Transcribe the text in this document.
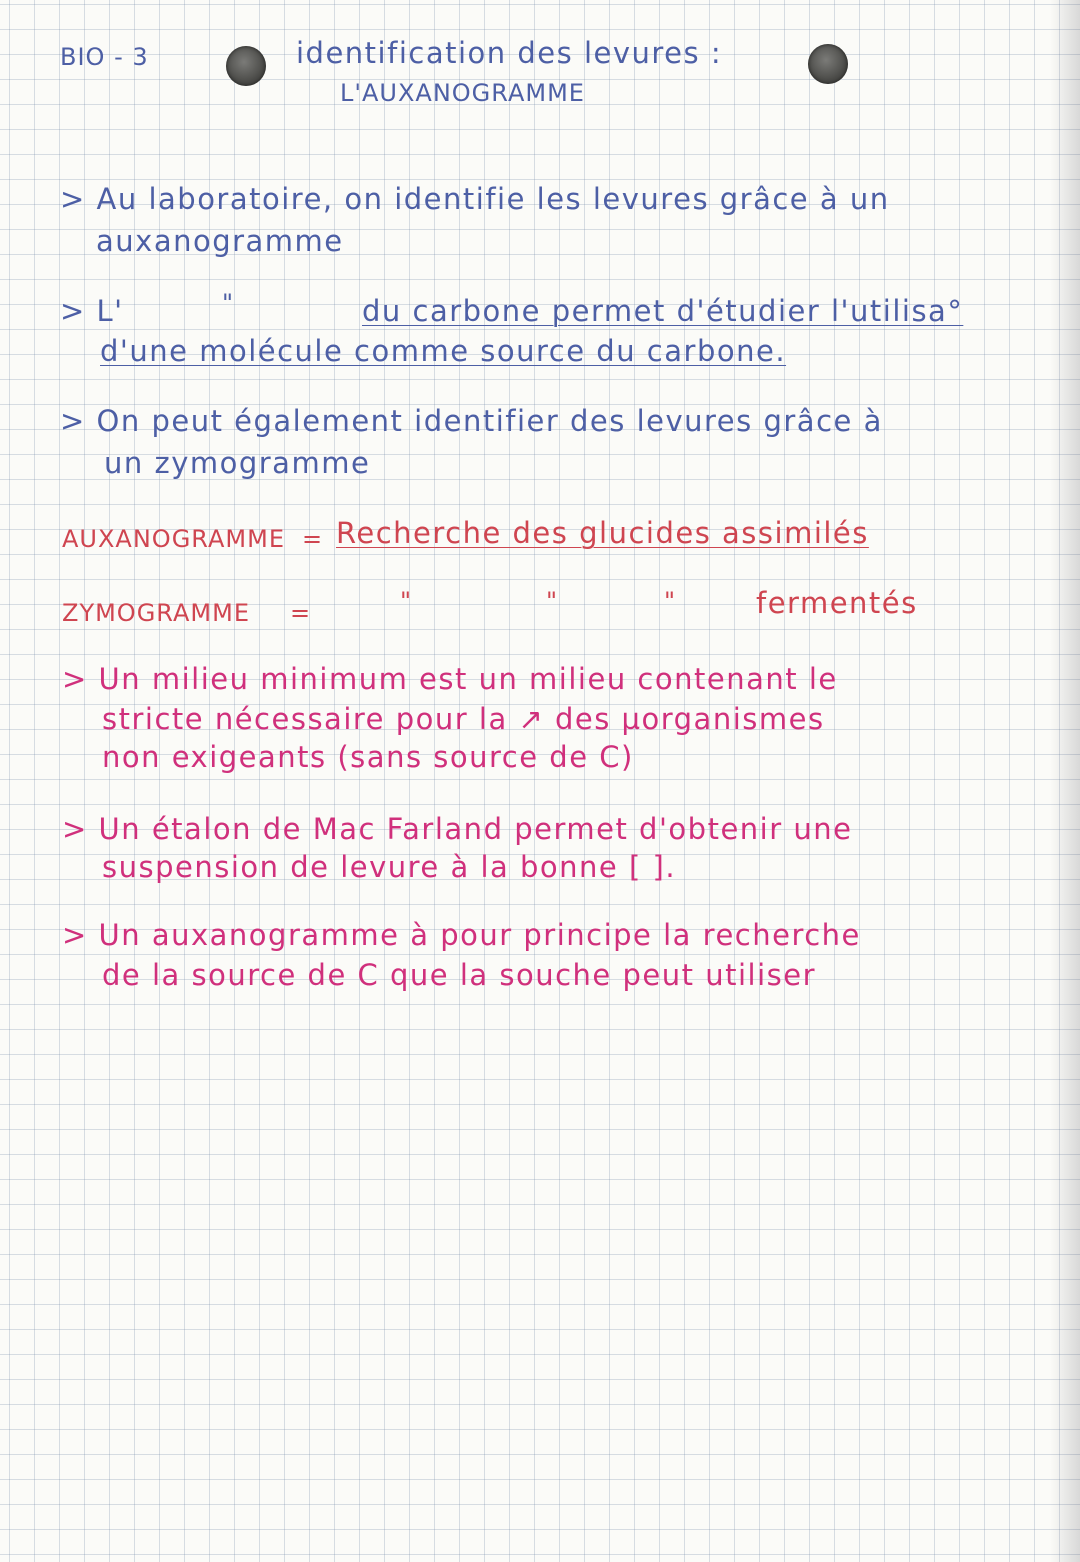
BIO - 3	identification des levures :
L'AUXANOGRAMME
> Au laboratoire, on identifie les levures grâce à un
auxanogramme
> L'	"	du carbone permet d'étudier l'utilisa°
d'une molécule comme source du carbone.
> On peut également identifier des levures grâce à
un zymogramme
AUXANOGRAMME = Recherche des glucides assimilés
ZYMOGRAMME =	"	"	"	fermentés
> Un milieu minimum est un milieu contenant le
stricte nécessaire pour la ↗ des µorganismes
non exigeants (sans source de C)
> Un étalon de Mac Farland permet d'obtenir une
suspension de levure à la bonne [ ].
> Un auxanogramme à pour principe la recherche
de la source de C que la souche peut utiliser
